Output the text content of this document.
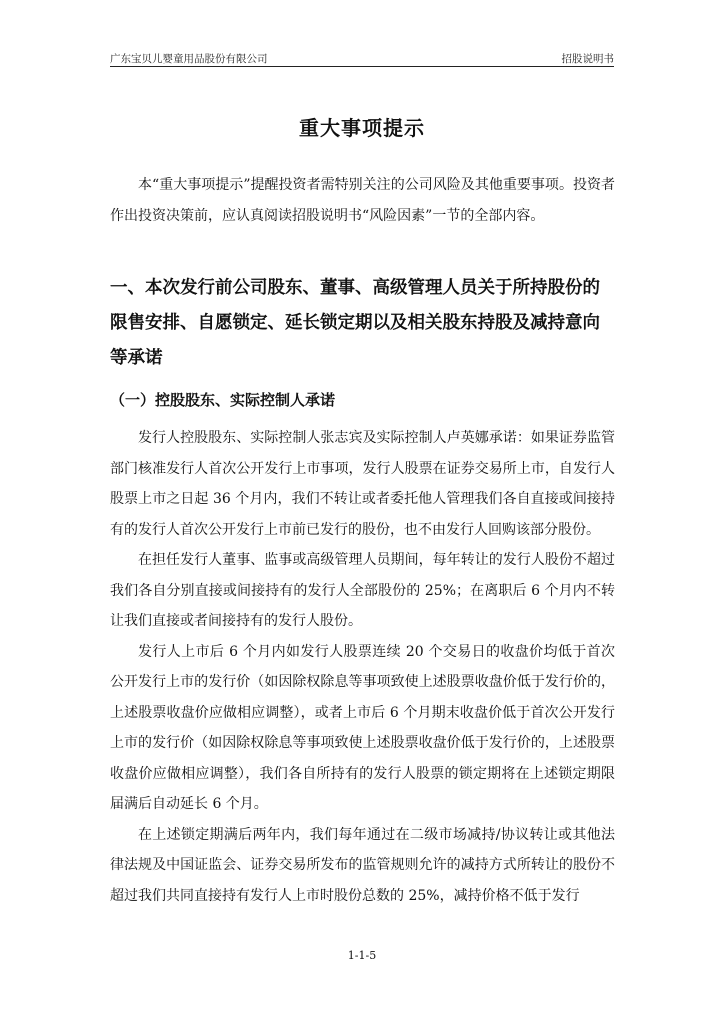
广东宝贝儿婴童用品股份有限公司	招股说明书
重大事项提示

本“重大事项提示”提醒投资者需特别关注的公司风险及其他重要事项。投资者作出投资决策前，应认真阅读招股说明书“风险因素”一节的全部内容。

一、本次发行前公司股东、董事、高级管理人员关于所持股份的限售安排、自愿锁定、延长锁定期以及相关股东持股及减持意向等承诺
（一）控股股东、实际控制人承诺

发行人控股股东、实际控制人张志宾及实际控制人卢英娜承诺：如果证券监管部门核准发行人首次公开发行上市事项，发行人股票在证券交易所上市，自发行人股票上市之日起 36 个月内，我们不转让或者委托他人管理我们各自直接或间接持有的发行人首次公开发行上市前已发行的股份，也不由发行人回购该部分股份。

在担任发行人董事、监事或高级管理人员期间，每年转让的发行人股份不超过我们各自分别直接或间接持有的发行人全部股份的 25%；在离职后 6 个月内不转让我们直接或者间接持有的发行人股份。

发行人上市后 6 个月内如发行人股票连续 20 个交易日的收盘价均低于首次公开发行上市的发行价（如因除权除息等事项致使上述股票收盘价低于发行价的，上述股票收盘价应做相应调整），或者上市后 6 个月期末收盘价低于首次公开发行上市的发行价（如因除权除息等事项致使上述股票收盘价低于发行价的，上述股票收盘价应做相应调整），我们各自所持有的发行人股票的锁定期将在上述锁定期限届满后自动延长 6 个月。

在上述锁定期满后两年内，我们每年通过在二级市场减持/协议转让或其他法律法规及中国证监会、证券交易所发布的监管规则允许的减持方式所转让的股份不超过我们共同直接持有发行人上市时股份总数的 25%，减持价格不低于发行

1-1-5
